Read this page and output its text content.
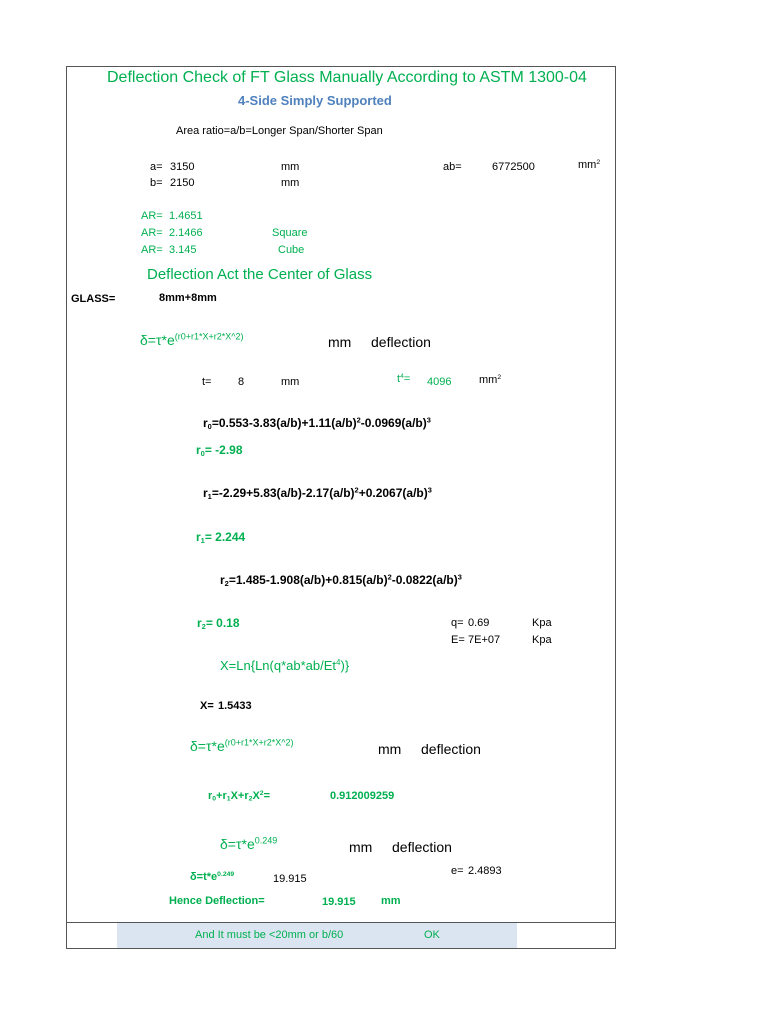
Deflection Check of FT Glass Manually According to ASTM 1300-04
4-Side Simply Supported
Area ratio=a/b=Longer Span/Shorter Span
a= 3150	mm
b= 2150	mm
ab=	6772500	$mm^2$
AR= 1.4651
AR= 2.1466	Square
AR= 3.145	Cube
Deflection Act the Center of Glass
GLASS=	8mm+8mm
$\delta=\tau*e^{(r0+r1*X+r2*X\^{}2)}$	mm deflection
t= 8	mm	$t^4= 4096$	$mm^2$
$r_0=0.553-3.83(a/b)+1.11(a/b)^2-0.0969(a/b)^3$
$r_0= -2.98$
$r_1=-2.29+5.83(a/b)-2.17(a/b)^2+0.2067(a/b)^3$
$r_1= 2.244$
$r_2=1.485-1.908(a/b)+0.815(a/b)^2-0.0822(a/b)^3$
$r_2= 0.18$	q= 0.69	Kpa
E= 7E+07	Kpa
$X=Ln\{Ln(q*ab*ab/Et^4)\}$
X= 1.5433
$\delta=\tau*e^{(r0+r1*X+r2*X\^{}2)}$	mm deflection
$r_0+r_1X+r_2X^2=$	0.912009259
$\delta=\tau*e^{0.249}$	mm deflection
e= 2.4893
$\delta=t*e^{0.249}$	19.915
Hence Deflection=	19.915 mm
And It must be <20mm or b/60	OK
